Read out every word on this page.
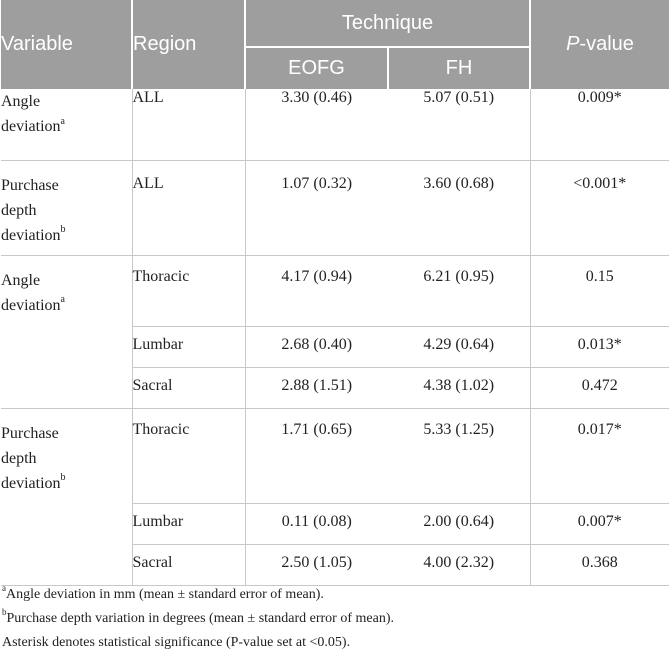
Variable	Region	Technique		P-value
		EOFG	FH	
Angle
deviation$^a$	ALL	3.30 (0.46)	5.07 (0.51)	0.009*
Purchase
depth
deviation$^b$	ALL	1.07 (0.32)	3.60 (0.68)	<0.001*
Angle
deviation$^a$	Thoracic	4.17 (0.94)	6.21 (0.95)	0.15
	Lumbar	2.68 (0.40)	4.29 (0.64)	0.013*
	Sacral	2.88 (1.51)	4.38 (1.02)	0.472
Purchase
depth
deviation$^b$	Thoracic	1.71 (0.65)	5.33 (1.25)	0.017*
	Lumbar	0.11 (0.08)	2.00 (0.64)	0.007*
	Sacral	2.50 (1.05)	4.00 (2.32)	0.368
$^a$Angle deviation in mm (mean ± standard error of mean).
$^b$Purchase depth variation in degrees (mean ± standard error of mean).
Asterisk denotes statistical significance (P-value set at <0.05).
